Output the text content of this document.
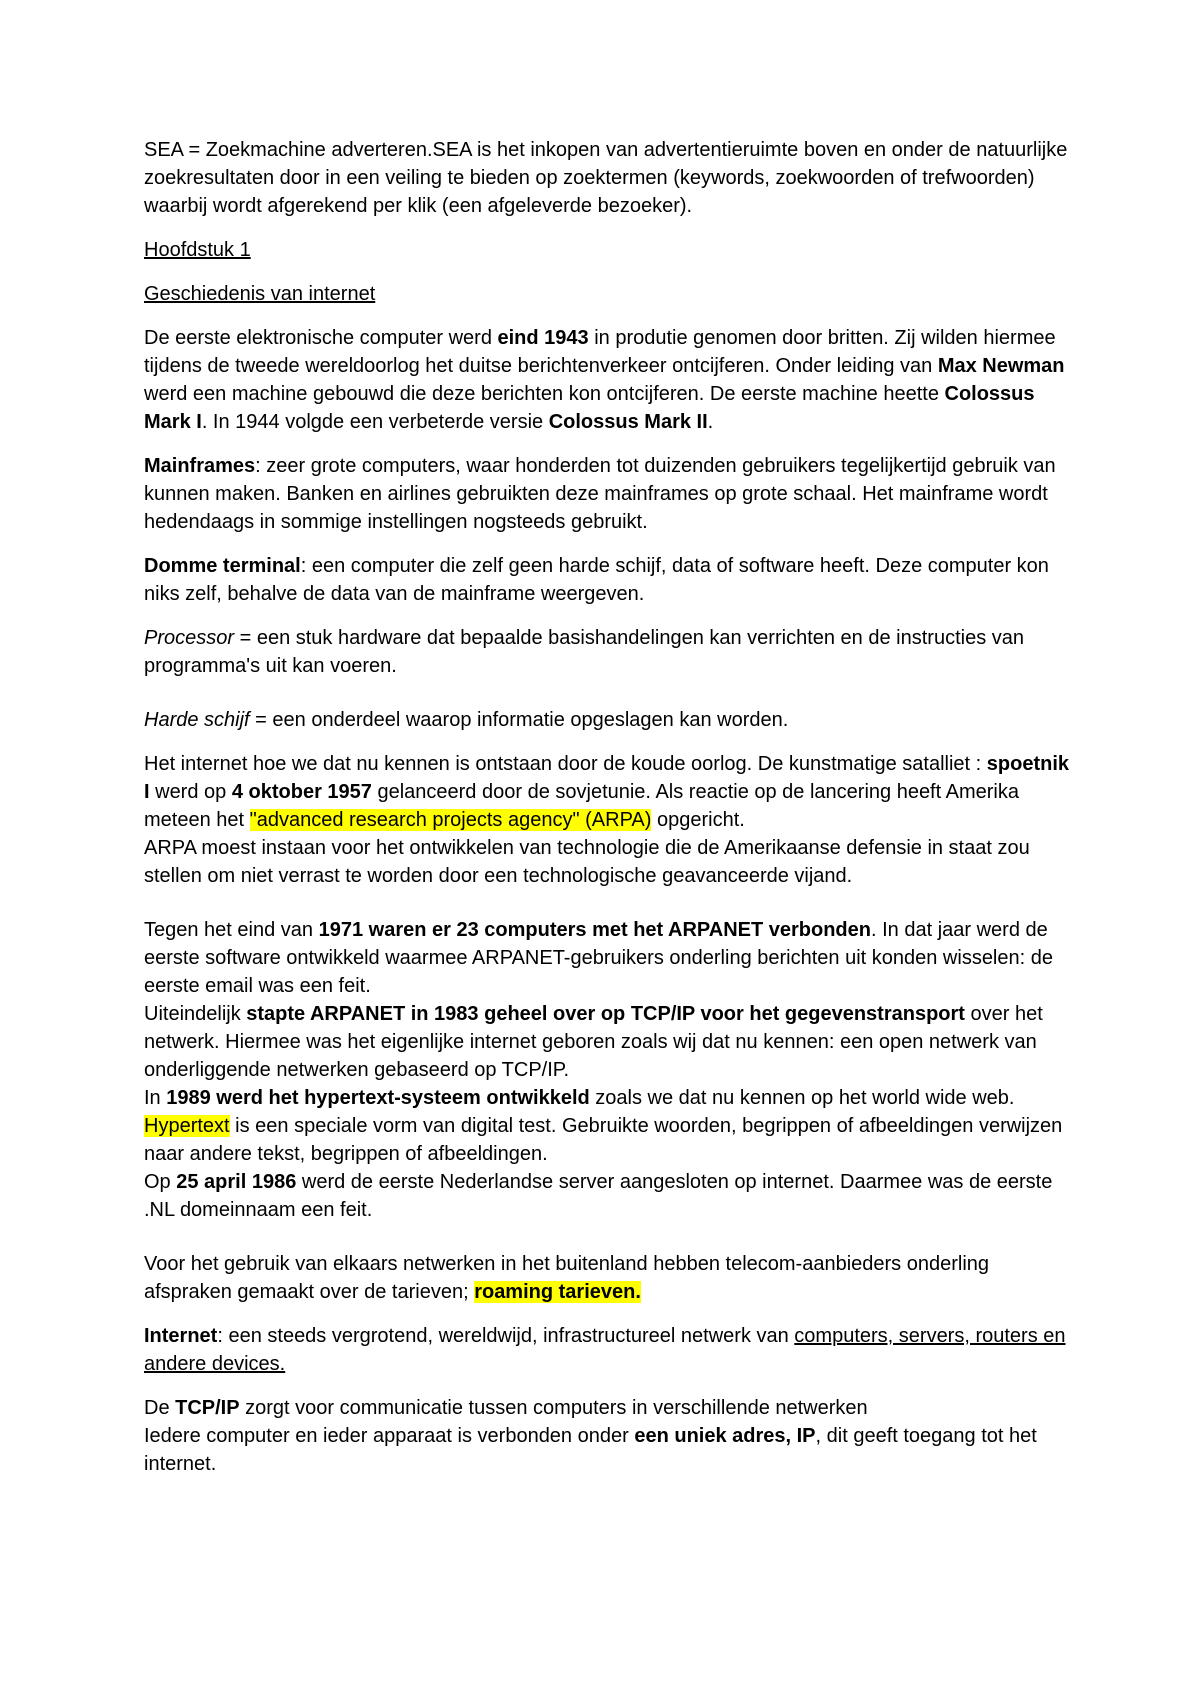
SEA = Zoekmachine adverteren.SEA is het inkopen van advertentieruimte boven en onder de natuurlijke zoekresultaten door in een veiling te bieden op zoektermen (keywords, zoekwoorden of trefwoorden) waarbij wordt afgerekend per klik (een afgeleverde bezoeker).

Hoofdstuk 1

Geschiedenis van internet

De eerste elektronische computer werd eind 1943 in produtie genomen door britten. Zij wilden hiermee tijdens de tweede wereldoorlog het duitse berichtenverkeer ontcijferen. Onder leiding van Max Newman werd een machine gebouwd die deze berichten kon ontcijferen. De eerste machine heette Colossus Mark I. In 1944 volgde een verbeterde versie Colossus Mark II.

Mainframes: zeer grote computers, waar honderden tot duizenden gebruikers tegelijkertijd gebruik van kunnen maken. Banken en airlines gebruikten deze mainframes op grote schaal. Het mainframe wordt hedendaags in sommige instellingen nogsteeds gebruikt.

Domme terminal: een computer die zelf geen harde schijf, data of software heeft. Deze computer kon niks zelf, behalve de data van de mainframe weergeven.

Processor = een stuk hardware dat bepaalde basishandelingen kan verrichten en de instructies van programma's uit kan voeren.

Harde schijf = een onderdeel waarop informatie opgeslagen kan worden.

Het internet hoe we dat nu kennen is ontstaan door de koude oorlog. De kunstmatige satalliet : spoetnik I werd op 4 oktober 1957 gelanceerd door de sovjetunie. Als reactie op de lancering heeft Amerika meteen het "advanced research projects agency" (ARPA) opgericht.

ARPA moest instaan voor het ontwikkelen van technologie die de Amerikaanse defensie in staat zou stellen om niet verrast te worden door een technologische geavanceerde vijand.

Tegen het eind van 1971 waren er 23 computers met het ARPANET verbonden. In dat jaar werd de eerste software ontwikkeld waarmee ARPANET-gebruikers onderling berichten uit konden wisselen: de eerste email was een feit.

Uiteindelijk stapte ARPANET in 1983 geheel over op TCP/IP voor het gegevenstransport over het netwerk. Hiermee was het eigenlijke internet geboren zoals wij dat nu kennen: een open netwerk van onderliggende netwerken gebaseerd op TCP/IP.

In 1989 werd het hypertext-systeem ontwikkeld zoals we dat nu kennen op het world wide web. Hypertext is een speciale vorm van digital test. Gebruikte woorden, begrippen of afbeeldingen verwijzen naar andere tekst, begrippen of afbeeldingen.

Op 25 april 1986 werd de eerste Nederlandse server aangesloten op internet. Daarmee was de eerste .NL domeinnaam een feit.

Voor het gebruik van elkaars netwerken in het buitenland hebben telecom-aanbieders onderling afspraken gemaakt over de tarieven; roaming tarieven.

Internet: een steeds vergrotend, wereldwijd, infrastructureel netwerk van computers, servers, routers en andere devices.

De TCP/IP zorgt voor communicatie tussen computers in verschillende netwerken

Iedere computer en ieder apparaat is verbonden onder een uniek adres, IP, dit geeft toegang tot het internet.
